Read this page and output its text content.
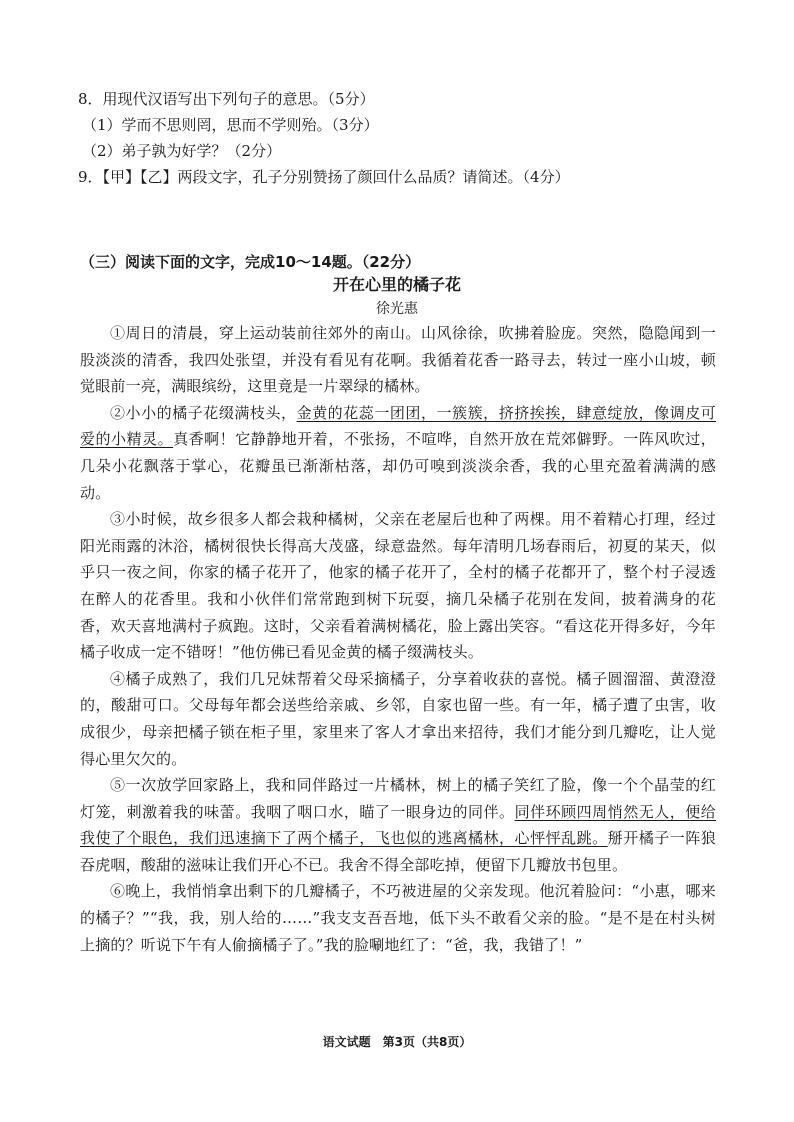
8．用现代汉语写出下列句子的意思。（5分）

（1）学而不思则罔，思而不学则殆。（3分）

（2）弟子孰为好学？（2分）

9．【甲】【乙】两段文字，孔子分别赞扬了颜回什么品质？请简述。（4分）

（三）阅读下面的文字，完成10～14题。（22分）

开在心里的橘子花

徐光惠

①周日的清晨，穿上运动装前往郊外的南山。山风徐徐，吹拂着脸庞。突然，隐隐闻到一股淡淡的清香，我四处张望，并没有看见有花啊。我循着花香一路寻去，转过一座小山坡，顿觉眼前一亮，满眼缤纷，这里竟是一片翠绿的橘林。

②小小的橘子花缀满枝头，金黄的花蕊一团团，一簇簇，挤挤挨挨，肆意绽放，像调皮可爱的小精灵。真香啊！它静静地开着，不张扬，不喧哗，自然开放在荒郊僻野。一阵风吹过，几朵小花飘落于掌心，花瓣虽已渐渐枯落，却仍可嗅到淡淡余香，我的心里充盈着满满的感动。

③小时候，故乡很多人都会栽种橘树，父亲在老屋后也种了两棵。用不着精心打理，经过阳光雨露的沐浴，橘树很快长得高大茂盛，绿意盎然。每年清明几场春雨后，初夏的某天，似乎只一夜之间，你家的橘子花开了，他家的橘子花开了，全村的橘子花都开了，整个村子浸透在醉人的花香里。我和小伙伴们常常跑到树下玩耍，摘几朵橘子花别在发间，披着满身的花香，欢天喜地满村子疯跑。这时，父亲看着满树橘花，脸上露出笑容。“看这花开得多好，今年橘子收成一定不错呀！”他仿佛已看见金黄的橘子缀满枝头。

④橘子成熟了，我们几兄妹帮着父母采摘橘子，分享着收获的喜悦。橘子圆溜溜、黄澄澄的，酸甜可口。父母每年都会送些给亲戚、乡邻，自家也留一些。有一年，橘子遭了虫害，收成很少，母亲把橘子锁在柜子里，家里来了客人才拿出来招待，我们才能分到几瓣吃，让人觉得心里欠欠的。

⑤一次放学回家路上，我和同伴路过一片橘林，树上的橘子笑红了脸，像一个个晶莹的红灯笼，刺激着我的味蕾。我咽了咽口水，瞄了一眼身边的同伴。同伴环顾四周悄然无人，便给我使了个眼色，我们迅速摘下了两个橘子，飞也似的逃离橘林，心怦怦乱跳。掰开橘子一阵狼吞虎咽，酸甜的滋味让我们开心不已。我舍不得全部吃掉，便留下几瓣放书包里。

⑥晚上，我悄悄拿出剩下的几瓣橘子，不巧被进屋的父亲发现。他沉着脸问：“小惠，哪来的橘子？”“我，我，别人给的……”我支支吾吾地，低下头不敢看父亲的脸。“是不是在村头树上摘的？听说下午有人偷摘橘子了。”我的脸唰地红了：“爸，我，我错了！”

语文试题　第3页（共8页）
